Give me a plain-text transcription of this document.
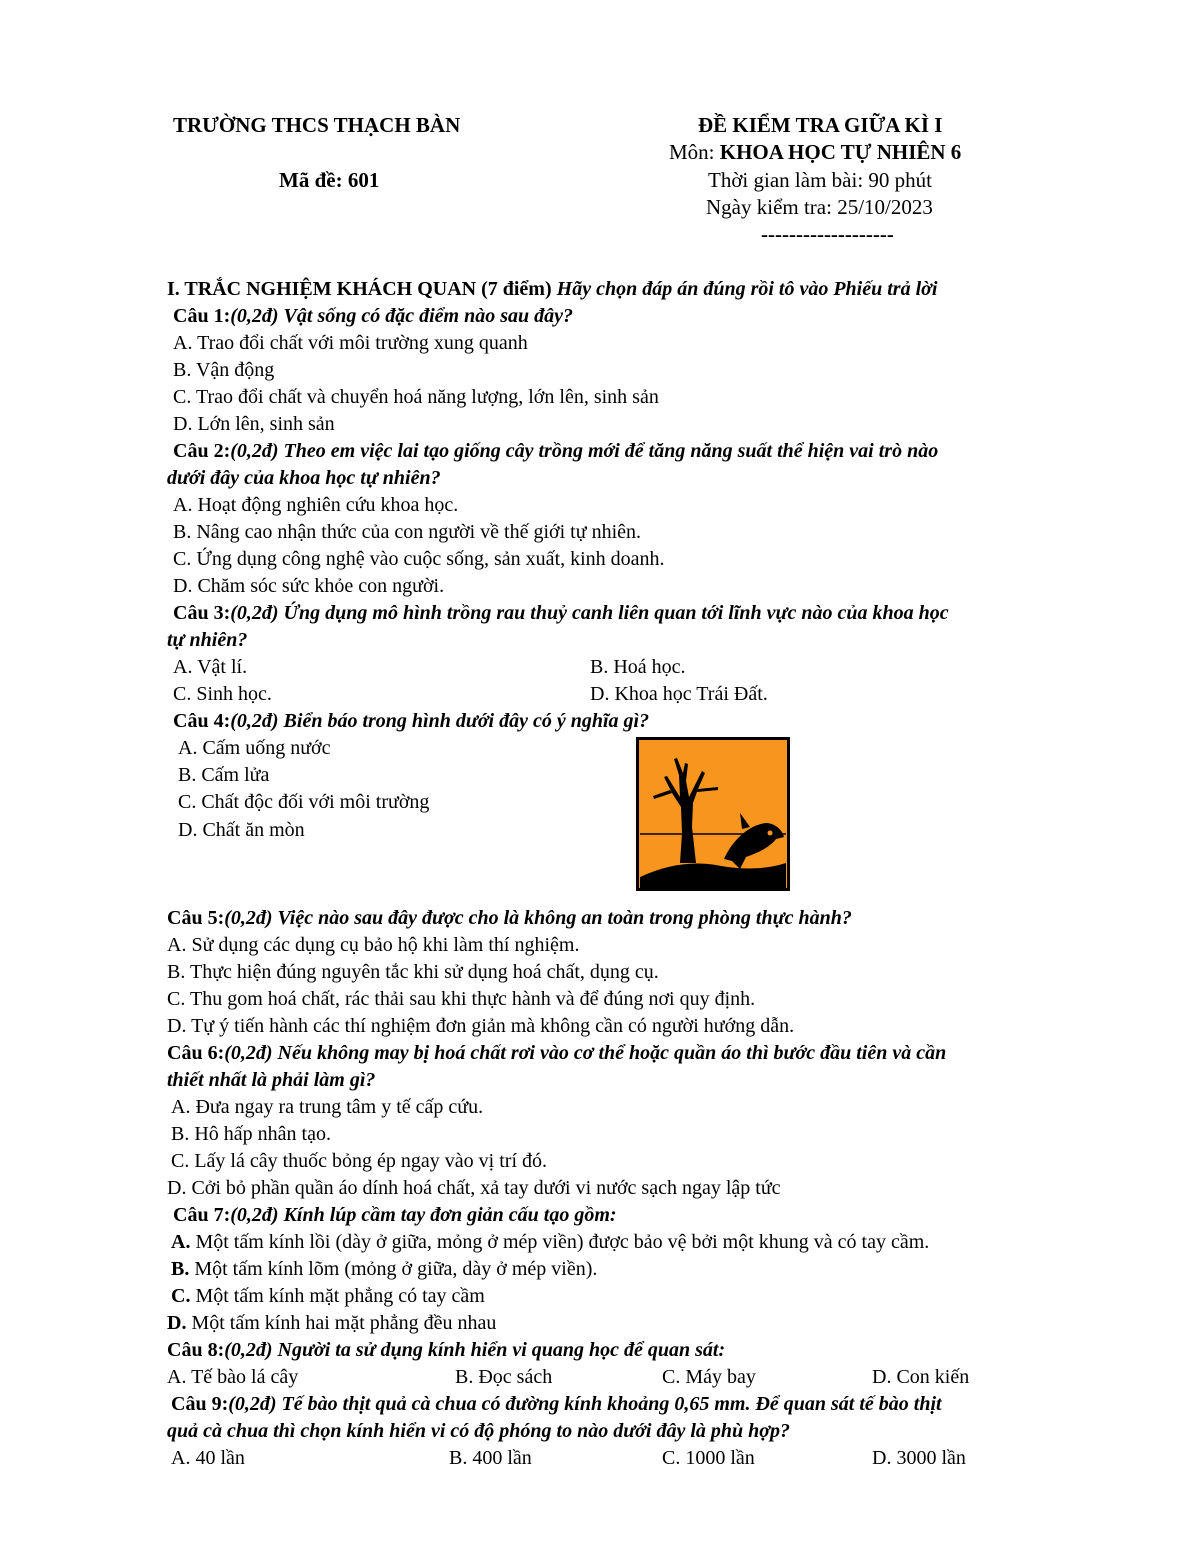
TRƯỜNG THCS THẠCH BÀN
Mã đề: 601
ĐỀ KIỂM TRA GIỮA KÌ I
Môn: KHOA HỌC TỰ NHIÊN 6
Thời gian làm bài: 90 phút
Ngày kiểm tra: 25/10/2023
-------------------
I. TRẮC NGHIỆM KHÁCH QUAN (7 điểm) Hãy chọn đáp án đúng rồi tô vào Phiếu trả lời
Câu 1:(0,2đ) Vật sống có đặc điểm nào sau đây?
A. Trao đổi chất với môi trường xung quanh
B. Vận động
C. Trao đổi chất và chuyển hoá năng lượng, lớn lên, sinh sản
D. Lớn lên, sinh sản
Câu 2:(0,2đ) Theo em việc lai tạo giống cây trồng mới để tăng năng suất thể hiện vai trò nào
dưới đây của khoa học tự nhiên?
A. Hoạt động nghiên cứu khoa học.
B. Nâng cao nhận thức của con người về thế giới tự nhiên.
C. Ứng dụng công nghệ vào cuộc sống, sản xuất, kinh doanh.
D. Chăm sóc sức khỏe con người.
Câu 3:(0,2đ) Ứng dụng mô hình trồng rau thuỷ canh liên quan tới lĩnh vực nào của khoa học
tự nhiên?
A. Vật lí.	B. Hoá học.
C. Sinh học.	D. Khoa học Trái Đất.
Câu 4:(0,2đ) Biển báo trong hình dưới đây có ý nghĩa gì?
A. Cấm uống nước
B. Cấm lửa
C. Chất độc đối với môi trường
D. Chất ăn mòn
Câu 5:(0,2đ) Việc nào sau đây được cho là không an toàn trong phòng thực hành?
A. Sử dụng các dụng cụ bảo hộ khi làm thí nghiệm.
B. Thực hiện đúng nguyên tắc khi sử dụng hoá chất, dụng cụ.
C. Thu gom hoá chất, rác thải sau khi thực hành và để đúng nơi quy định.
D. Tự ý tiến hành các thí nghiệm đơn giản mà không cần có người hướng dẫn.
Câu 6:(0,2đ) Nếu không may bị hoá chất rơi vào cơ thể hoặc quần áo thì bước đầu tiên và cần
thiết nhất là phải làm gì?
A. Đưa ngay ra trung tâm y tế cấp cứu.
B. Hô hấp nhân tạo.
C. Lấy lá cây thuốc bỏng ép ngay vào vị trí đó.
D. Cởi bỏ phần quần áo dính hoá chất, xả tay dưới vi nước sạch ngay lập tức
Câu 7:(0,2đ) Kính lúp cầm tay đơn giản cấu tạo gồm:
A. Một tấm kính lồi (dày ở giữa, mỏng ở mép viền) được bảo vệ bởi một khung và có tay cầm.
B. Một tấm kính lõm (mỏng ở giữa, dày ở mép viền).
C. Một tấm kính mặt phẳng có tay cầm
D. Một tấm kính hai mặt phẳng đều nhau
Câu 8:(0,2đ) Người ta sử dụng kính hiển vi quang học để quan sát:
A. Tế bào lá cây	B. Đọc sách	C. Máy bay	D. Con kiến
Câu 9:(0,2đ) Tế bào thịt quả cà chua có đường kính khoảng 0,65 mm. Để quan sát tế bào thịt
quả cà chua thì chọn kính hiển vi có độ phóng to nào dưới đây là phù hợp?
A. 40 lần	B. 400 lần	C. 1000 lần	D. 3000 lần
